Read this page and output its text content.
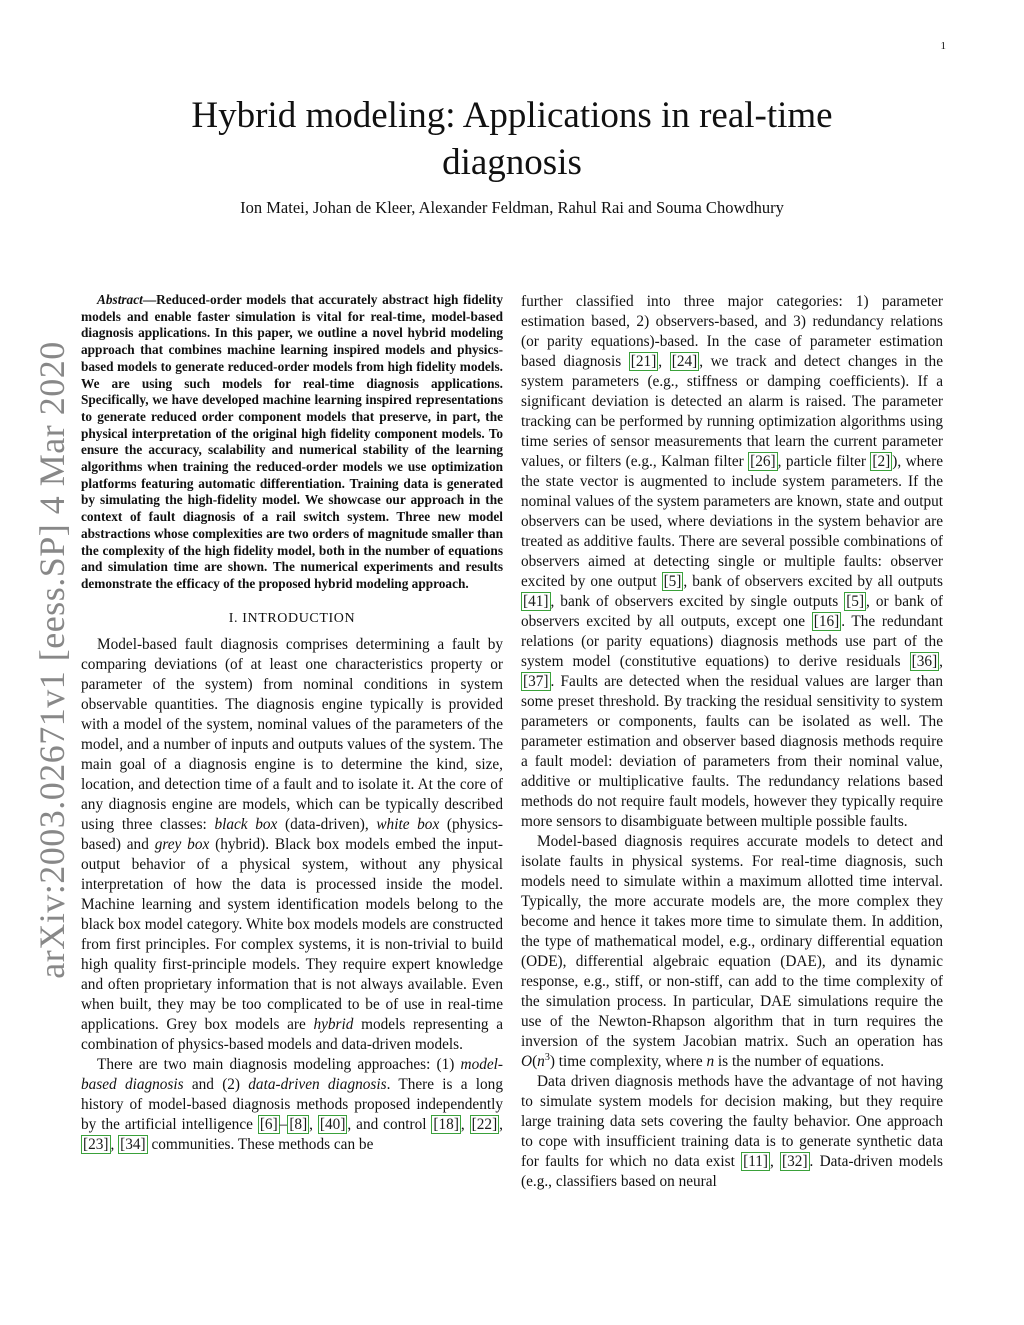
1
arXiv:2003.02671v1 [eess.SP] 4 Mar 2020
Hybrid modeling: Applications in real-time diagnosis

Ion Matei, Johan de Kleer, Alexander Feldman, Rahul Rai and Souma Chowdhury

Abstract—Reduced-order models that accurately abstract high fidelity models and enable faster simulation is vital for real-time, model-based diagnosis applications. In this paper, we outline a novel hybrid modeling approach that combines machine learning inspired models and physics-based models to generate reduced-order models from high fidelity models. We are using such models for real-time diagnosis applications. Specifically, we have developed machine learning inspired representations to generate reduced order component models that preserve, in part, the physical interpretation of the original high fidelity component models. To ensure the accuracy, scalability and numerical stability of the learning algorithms when training the reduced-order models we use optimization platforms featuring automatic differentiation. Training data is generated by simulating the high-fidelity model. We showcase our approach in the context of fault diagnosis of a rail switch system. Three new model abstractions whose complexities are two orders of magnitude smaller than the complexity of the high fidelity model, both in the number of equations and simulation time are shown. The numerical experiments and results demonstrate the efficacy of the proposed hybrid modeling approach.

I. INTRODUCTION

Model-based fault diagnosis comprises determining a fault by comparing deviations (of at least one characteristics property or parameter of the system) from nominal conditions in system observable quantities. The diagnosis engine typically is provided with a model of the system, nominal values of the parameters of the model, and a number of inputs and outputs values of the system. The main goal of a diagnosis engine is to determine the kind, size, location, and detection time of a fault and to isolate it. At the core of any diagnosis engine are models, which can be typically described using three classes: black box (data-driven), white box (physics-based) and grey box (hybrid). Black box models embed the input-output behavior of a physical system, without any physical interpretation of how the data is processed inside the model. Machine learning and system identification models belong to the black box model category. White box models models are constructed from first principles. For complex systems, it is non-trivial to build high quality first-principle models. They require expert knowledge and often proprietary information that is not always available. Even when built, they may be too complicated to be of use in real-time applications. Grey box models are hybrid models representing a combination of physics-based models and data-driven models.

There are two main diagnosis modeling approaches: (1) model-based diagnosis and (2) data-driven diagnosis. There is a long history of model-based diagnosis methods proposed independently by the artificial intelligence [6] – [8] , [40] , and control [18] , [22] , [23] , [34] communities. These methods can be

further classified into three major categories: 1) parameter estimation based, 2) observers-based, and 3) redundancy relations (or parity equations)-based. In the case of parameter estimation based diagnosis [21] , [24] , we track and detect changes in the system parameters (e.g., stiffness or damping coefficients). If a significant deviation is detected an alarm is raised. The parameter tracking can be performed by running optimization algorithms using time series of sensor measurements that learn the current parameter values, or filters (e.g., Kalman filter [26] , particle filter [2] ), where the state vector is augmented to include system parameters. If the nominal values of the system parameters are known, state and output observers can be used, where deviations in the system behavior are treated as additive faults. There are several possible combinations of observers aimed at detecting single or multiple faults: observer excited by one output [5] , bank of observers excited by all outputs [41] , bank of observers excited by single outputs [5] , or bank of observers excited by all outputs, except one [16] . The redundant relations (or parity equations) diagnosis methods use part of the system model (constitutive equations) to derive residuals [36] , [37] . Faults are detected when the residual values are larger than some preset threshold. By tracking the residual sensitivity to system parameters or components, faults can be isolated as well. The parameter estimation and observer based diagnosis methods require a fault model: deviation of parameters from their nominal value, additive or multiplicative faults. The redundancy relations based methods do not require fault models, however they typically require more sensors to disambiguate between multiple possible faults.

Model-based diagnosis requires accurate models to detect and isolate faults in physical systems. For real-time diagnosis, such models need to simulate within a maximum allotted time interval. Typically, the more accurate models are, the more complex they become and hence it takes more time to simulate them. In addition, the type of mathematical model, e.g., ordinary differential equation (ODE), differential algebraic equation (DAE), and its dynamic response, e.g., stiff, or non-stiff, can add to the time complexity of the simulation process. In particular, DAE simulations require the use of the Newton-Rhapson algorithm that in turn requires the inversion of the system Jacobian matrix. Such an operation has $O(n^3)$ time complexity, where n is the number of equations.

Data driven diagnosis methods have the advantage of not having to simulate system models for decision making, but they require large training data sets covering the faulty behavior. One approach to cope with insufficient training data is to generate synthetic data for faults for which no data exist [11] , [32] . Data-driven models (e.g., classifiers based on neural
